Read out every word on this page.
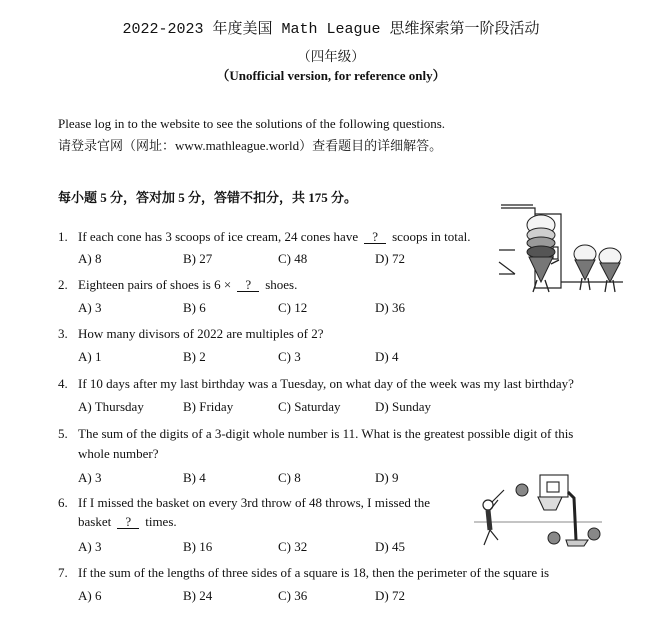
2022-2023 年度美国 Math League 思维探索第一阶段活动
（四年级）
（Unofficial version, for reference only）
Please log in to the website to see the solutions of the following questions.
请登录官网（网址：www.mathleague.world）查看题目的详细解答。
每小题 5 分，答对加 5 分，答错不扣分，共 175 分。
1. If each cone has 3 scoops of ice cream, 24 cones have ? scoops in total.
A) 8	B) 27	C) 48	D) 72
2. Eighteen pairs of shoes is 6 × ? shoes.
A) 3	B) 6	C) 12	D) 36
3. How many divisors of 2022 are multiples of 2?
A) 1	B) 2	C) 3	D) 4
4. If 10 days after my last birthday was a Tuesday, on what day of the week was my last birthday?
A) Thursday	B) Friday	C) Saturday	D) Sunday
5. The sum of the digits of a 3-digit whole number is 11. What is the greatest possible digit of this
whole number?
A) 3	B) 4	C) 8	D) 9
6. If I missed the basket on every 3rd throw of 48 throws, I missed the
basket ? times.
A) 3	B) 16	C) 32	D) 45
7. If the sum of the lengths of three sides of a square is 18, then the perimeter of the square is
A) 6	B) 24	C) 36	D) 72
